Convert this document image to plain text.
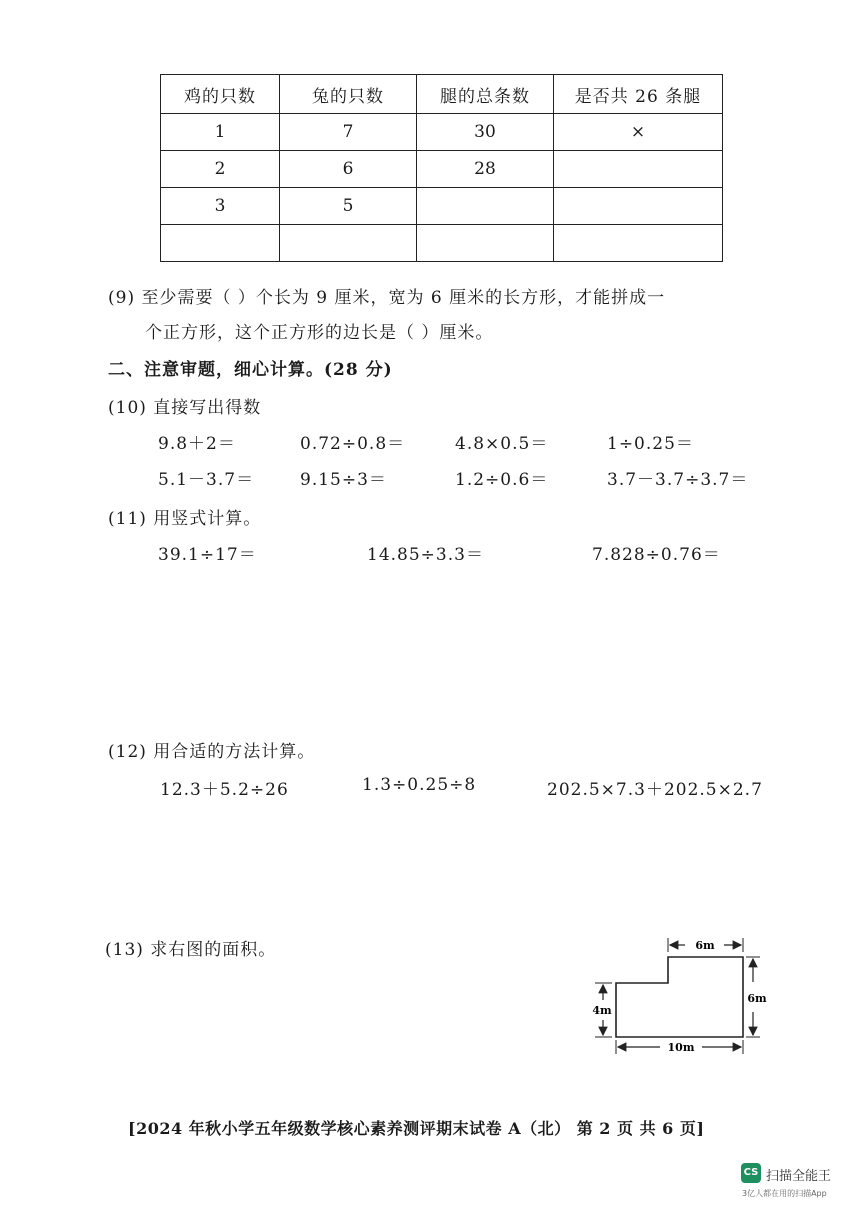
鸡的只数	兔的只数	腿的总条数	是否共 26 条腿
1	7	30	×
2	6	28	
3	5		

(9) 至少需要（ ）个长为 9 厘米，宽为 6 厘米的长方形，才能拼成一
个正方形，这个正方形的边长是（ ）厘米。
二、注意审题，细心计算。(28 分)
(10) 直接写出得数
9.8＋2＝	0.72÷0.8＝	4.8×0.5＝	1÷0.25＝
5.1－3.7＝	9.15÷3＝	1.2÷0.6＝	3.7－3.7÷3.7＝
(11) 用竖式计算。
39.1÷17＝	14.85÷3.3＝	7.828÷0.76＝
(12) 用合适的方法计算。
12.3＋5.2÷26	1.3÷0.25÷8	202.5×7.3＋202.5×2.7
(13) 求右图的面积。	6m
6m
4m
10m
[2024 年秋小学五年级数学核心素养测评期末试卷 A（北） 第 2 页 共 6 页]
CS 扫描全能王
3亿人都在用的扫描App
